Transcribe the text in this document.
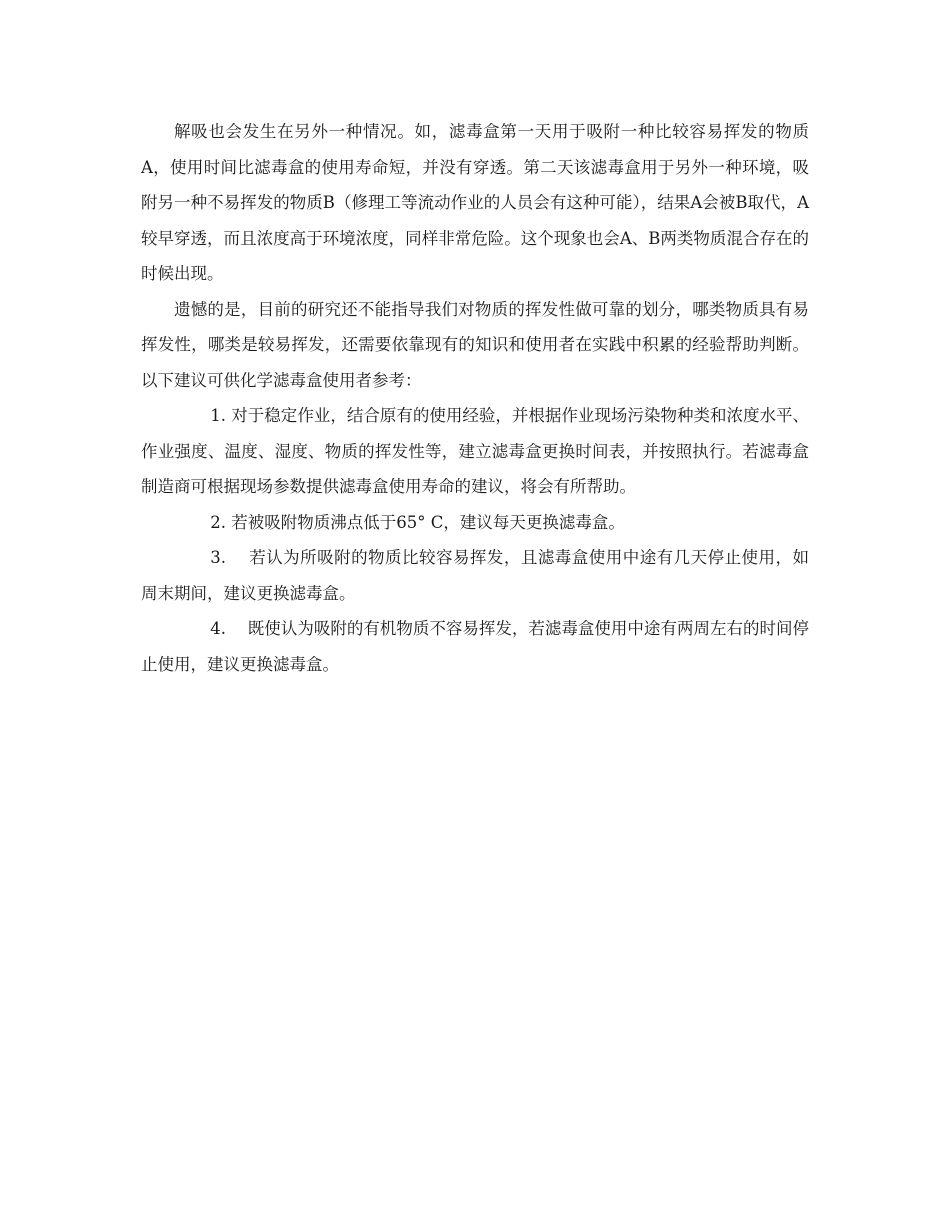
解吸也会发生在另外一种情况。如，滤毒盒第一天用于吸附一种比较容易挥发的物质A，使用时间比滤毒盒的使用寿命短，并没有穿透。第二天该滤毒盒用于另外一种环境，吸附另一种不易挥发的物质B（修理工等流动作业的人员会有这种可能），结果A会被B取代，A较早穿透，而且浓度高于环境浓度，同样非常危险。这个现象也会A、B两类物质混合存在的时候出现。

遗憾的是，目前的研究还不能指导我们对物质的挥发性做可靠的划分，哪类物质具有易挥发性，哪类是较易挥发，还需要依靠现有的知识和使用者在实践中积累的经验帮助判断。以下建议可供化学滤毒盒使用者参考：

1. 对于稳定作业，结合原有的使用经验，并根据作业现场污染物种类和浓度水平、作业强度、温度、湿度、物质的挥发性等，建立滤毒盒更换时间表，并按照执行。若滤毒盒制造商可根据现场参数提供滤毒盒使用寿命的建议，将会有所帮助。

2. 若被吸附物质沸点低于65° C，建议每天更换滤毒盒。

3.　 若认为所吸附的物质比较容易挥发，且滤毒盒使用中途有几天停止使用，如 周末期间，建议更换滤毒盒。

4.　 既使认为吸附的有机物质不容易挥发，若滤毒盒使用中途有两周左右的时间停止使用，建议更换滤毒盒。
